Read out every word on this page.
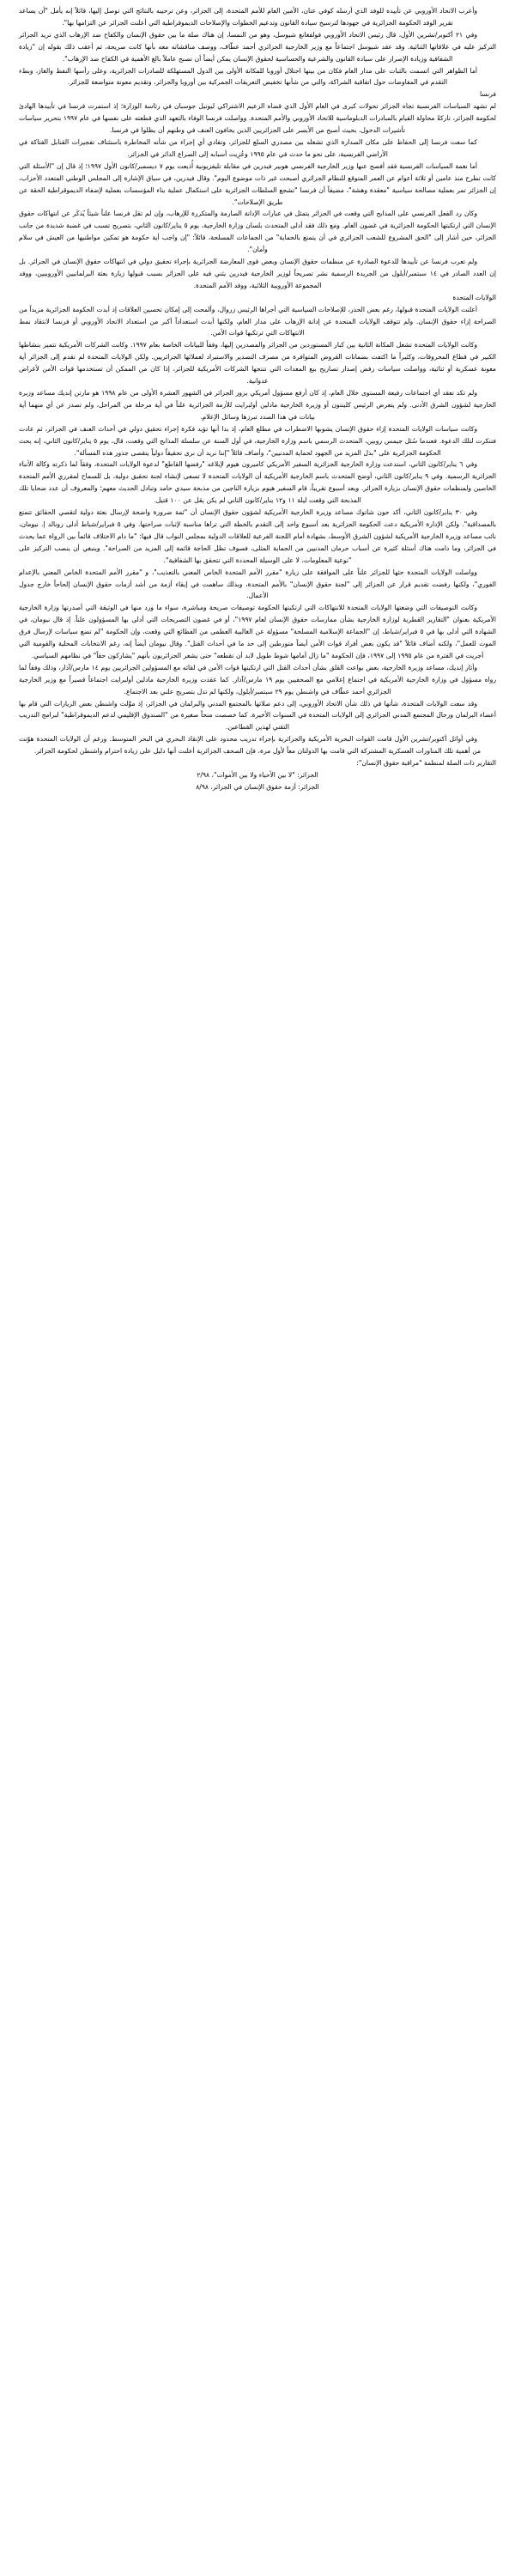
وأعرب الاتحاد الأوروبي عن تأييده للوفد الذي أرسله كوفي عنان، الأمين العام للأمم المتحدة، إلى الجزائر، وعن ترحيبه بالنتائج التي توصل إليها، قائلاً إنه يأمل "أن يساعد تقرير الوفد الحكومة الجزائرية في جهودها لترسيخ سيادة القانون وتدعيم الخطوات والإصلاحات الديموقراطية التي أعلنت الجزائر عن التزامها بها".

وفي ٢١ أكتوبر/تشرين الأول، قال رئيس الاتحاد الأوروبي فولفغانغ شيوسل، وهو من النمسا، إن هناك صلة ما بين حقوق الإنسان والكفاح ضد الإرهاب الذي تريد الجزائر التركيز عليه في علاقاتها الثنائية. وقد عقد شيوسل اجتماعاً مع وزير الخارجية الجزائري أحمد عطّاف، ووصف مناقشاته معه بأنها كانت صريحة، ثم أعقب ذلك بقوله إن "زيادة الشفافية وزيادة الإصرار على سيادة القانون والشرعية والحساسية لحقوق الإنسان يمكن أيضاً أن تصبح عاملاً بالغ الأهمية في الكفاح ضد الإرهاب".

أما الظواهر التي اتسمت بالثبات على مدار العام فكان من بينها احتلال أوروبا للمكانة الأولى بين الدول المستهلكة للصادرات الجزائرية، وعلى رأسها النفط والغاز، وبطء التقدم في المفاوضات حول اتفاقية الشراكة، والتي من شأنها تخفيض التعريفات الجمركية بين أوروبا والجزائر، وتقديم معونة متواضعة للجزائر.

فرنسا

لم تشهد السياسات الفرنسية تجاه الجزائر تحولات كبرى في العام الأول الذي قضاه الزعيم الاشتراكي ليونيل جوسبان في رئاسة الوزارة؛ إذ استمرت فرنسا في تأييدها الهادئ لحكومة الجزائر، تاركةً محاولة القيام بالمبادرات الدبلوماسية للاتحاد الأوروبي والأمم المتحدة. وواصلت فرنسا الوفاء بالتعهد الذي قطعته على نفسها في عام ١٩٩٧ بتحرير سياسات تأشيرات الدخول، بحيث أصبح من الأيسر على الجزائريين الذين يخافون العنف في وطنهم أن يظلوا في فرنسا.

كما سعت فرنسا إلى الحفاظ على مكان الصدارة الذي تشغله بين مصدري السلع للجزائر، وتفادي أي إجراء من شأنه المخاطرة باستئناف تفجيرات القنابل الفتاكة في الأراضي الفرنسية، على نحو ما حدث في عام ١٩٩٥ وعُزِيت أسبابه إلى الصراع الدائر في الجزائر.

أما نغمة السياسات الفرنسية فقد أفصح عنها وزير الخارجية الفرنسي هوبير فيدرين في مقابلة تليفزيونية أُذيعت يوم ٧ ديسمبر/كانون الأول ١٩٩٧؛ إذ قال إن "الأسئلة التي كانت تطرح منذ عامين أو ثلاثة أعوام عن العمر المتوقع للنظام الجزائري أصبحت غير ذات موضوع اليوم". وقال فيدرين، في سياق الإشارة إلى المجلس الوطني المتعدد الأحزاب، إن الجزائر تمر بعملية مصالحة سياسية "معقدة وهشة"، مضيفاً أن فرنسا "تشجع السلطات الجزائرية على استكمال عملية بناء المؤسسات بعملية لإضفاء الديموقراطية الحقة عن طريق الإصلاحات".

وكان رد الفعل الفرنسي على المذابح التي وقعت في الجزائر يتمثل في عبارات الإدانة الصارمة والمتكررة للإرهاب، وإن لم تقل فرنسا علناً شيئاً يُذكَر عن انتهاكات حقوق الإنسان التي ارتكبتها الحكومة الجزائرية في غضون العام. ومع ذلك فقد أدلى المتحدث بلسان وزارة الخارجية، يوم ٥ يناير/كانون الثاني، بتصريح تسبب في غضبة شديدة من جانب الجزائر، حين أشار إلى "الحق المشروع للشعب الجزائري في أن يتمتع بالحماية" من الجماعات المسلحة، قائلاً: "إن واجب أية حكومة هو تمكين مواطنيها من العيش في سلام وأمان".

ولم تعرب فرنسا عن تأييدها للدعوة الصادرة عن منظمات حقوق الإنسان وبعض قوى المعارضة الجزائرية بإجراء تحقيق دولي في انتهاكات حقوق الإنسان في الجزائر. بل إن العدد الصادر في ١٤ سبتمبر/أيلول من الجريدة الرسمية نشر تصريحاً لوزير الخارجية فيدرين يثني فيه على الجزائر بسبب قبولها زيارة بعثة البرلمانيين الأوروبيين، ووفد المجموعة الأوروبية الثلاثية، ووفد الأمم المتحدة.

الولايات المتحدة

أعلنت الولايات المتحدة قبولها، رغم بعض الحذر، للإصلاحات السياسية التي أجراها الرئيس زروال، وألمحت إلى إمكان تحسين العلاقات إذ أبدت الحكومة الجزائرية مزيداً من الصراحة إزاء حقوق الإنسان. ولم تتوقف الولايات المتحدة عن إدانة الإرهاب على مدار العام، ولكنها أبدت استعداداً أكبر من استعداد الاتحاد الأوروبي أو فرنسا لانتقاد نمط الانتهاكات التي ترتكبها قوات الأمن.

وكانت الولايات المتحدة تشغل المكانة الثانية بين كبار المستوردين من الجزائر والمصدرين إليها، وفقاً للبيانات الخاصة بعام ١٩٩٧. وكانت الشركات الأمريكية تتميز بنشاطها الكبير في قطاع المحروقات، وكثيراً ما اكتفت بضمانات القروض المتوافرة من مصرف التصدير والاستيراد لعملائها الجزائريين. ولكن الولايات المتحدة لم تقدم إلى الجزائر أية معونة عسكرية أو ثنائية، وواصلت سياسات رفض إصدار تصاريح بيع المعدات التي تنتجها الشركات الأمريكية للجزائر، إذا كان من الممكن أن تستخدمها قوات الأمن لأغراض عدوانية.

ولم تكد تعقد أي اجتماعات رفيعة المستوى خلال العام، إذ كان أرفع مسؤول أمريكي يزور الجزائر في الشهور العشرة الأولى من عام ١٩٩٨ هو مارتن إنديك مساعد وزيرة الخارجية لشؤون الشرق الأدنى. ولم يتعرض الرئيس كلينتون أو وزيرة الخارجية مادلين أولبرايت للأزمة الجزائرية علناً في أية مرحلة من المراحل، ولم تصدر عن أي منهما أية بيانات في هذا الصدد تبرزها وسائل الإعلام.

وكانت سياسات الولايات المتحدة إزاء حقوق الإنسان يشوبها الاضطراب في مطلع العام، إذ بدا أنها تؤيد فكرة إجراء تحقيق دولي في أحداث العنف في الجزائر، ثم عادت فتنكرت لتلك الدعوة. فعندما سُئل جيمس روبين، المتحدث الرسمي باسم وزارة الخارجية، في أول السنة عن سلسلة المذابح التي وقعت، قال، يوم ٥ يناير/كانون الثاني، إنه يحث الحكومة الجزائرية على "بذل المزيد من الجهود لحماية المدنيين"، وأضاف قائلاً "إننا نريد أن نرى تحقيقاً دولياً يتقصى جذور هذه المسألة".

وفي ٦ يناير/كانون الثاني، استدعت وزارة الخارجية الجزائرية السفير الأمريكي كاميرون هيوم لإبلاغه "رفضها القاطع" لدعوة الولايات المتحدة، وفقاً لما ذكرته وكالة الأنباء الجزائرية الرسمية. وفي ٩ يناير/كانون الثاني، أوضح المتحدث باسم الخارجية الأمريكية أن الولايات المتحدة لا تسعى لإنشاء لجنة تحقيق دولية، بل للسماح لمقرري الأمم المتحدة الخاصين ولمنظمات حقوق الإنسان بزيارة الجزائر. وبعد أسبوع تقريباً، قام السفير هيوم بزيارة الناجين من مذبحة سيدي حامد وتبادل الحديث معهم؛ والمعروف أن عدد ضحايا تلك المذبحة التي وقعت ليلة ١١ و١٢ يناير/كانون الثاني لم يكن يقل عن ١٠٠ قتيل.

وفي ٣٠ يناير/كانون الثاني، أكد جون شاتوك مساعد وزيرة الخارجية الأمريكية لشؤون حقوق الإنسان أن "ثمة ضرورة واضحة لإرسال بعثة دولية لتقصي الحقائق تتمتع بالمصداقية". ولكن الإدارة الأمريكية دعت الحكومة الجزائرية بعد أسبوع واحد إلى التقدم بالخطة التي تراها مناسبة لإثبات صراحتها. وفي ٥ فبراير/شباط أدلى رونالد إ. نيومان، نائب مساعد وزيرة الخارجية الأمريكية لشؤون الشرق الأوسط، بشهادة أمام اللجنة الفرعية للعلاقات الدولية بمجلس النواب قال فيها: "ما دام الاختلاف قائماً بين الرواة عما يحدث في الجزائر، وما دامت هناك أسئلة كثيرة عن أسباب حرمان المدنيين من الحماية المثلى، فسوف تظل الحاجة قائمة إلى المزيد من الصراحة". وينبغي أن ينصب التركيز على "نوعية المعلومات، لا على الوسيلة المحددة التي تتحقق بها الشفافية".

وواصلت الولايات المتحدة حثها للجزائر علناً على الموافقة على زيارة "مقرر الأمم المتحدة الخاص المعني بالتعذيب"، و "مقرر الأمم المتحدة الخاص المعني بالإعدام الفوري"، ولكنها رفضت تقديم قرار عن الجزائر إلى "لجنة حقوق الإنسان" بالأمم المتحدة، وبذلك ساهمت في إبقاء أزمة من أشد أزمات حقوق الإنسان إلحاحاً خارج جدول الأعمال.

وكانت التوصيفات التي وضعتها الولايات المتحدة للانتهاكات التي ارتكبتها الحكومة توصيفات صريحة ومباشرة، سواء ما ورد منها في الوثيقة التي أصدرتها وزارة الخارجية الأمريكية بعنوان "التقارير القطرية لوزارة الخارجية بشأن ممارسات حقوق الإنسان لعام ١٩٩٧"، أو في غضون التصريحات التي أدلى بها المسؤولون علناً. إذ قال نيومان، في الشهادة التي أدلى بها في ٥ فبراير/شباط، إن "الجماعة الإسلامية المسلحة" مسؤولة عن الغالبية العظمى من الفظائع التي وقعت، وإن الحكومة "لم تضع سياسات لإرسال فرق الموت للعمل"، ولكنه أضاف قائلاً "قد يكون بعض أفراد قوات الأمن أيضاً متورطين إلى حد ما في أحداث القتل". وقال نيومان أيضاً إنه، رغم الانتخابات المحلية والقومية التي أجريت في الفترة من عام ١٩٩٥ إلى ١٩٩٧، فإن الحكومة "ما زال أمامها شوط طويل لابد أن تقطعه" حتى يشعر الجزائريون بأنهم "يشاركون حقاً" في نظامهم السياسي.

وأثار إنديك، مساعد وزيرة الخارجية، بعض بواعث القلق بشأن أحداث القتل التي ارتكبتها قوات الأمن في لقائه مع المسؤولين الجزائريين يوم ١٤ مارس/آذار، وذلك وفقاً لما رواه مسؤول في وزارة الخارجية الأمريكية في اجتماع إعلامي مع الصحفيين يوم ١٩ مارس/آذار. كما عقدت وزيرة الخارجية مادلين أولبرايت اجتماعاً قصيراً مع وزير الخارجية الجزائري أحمد عطّاف في واشنطن يوم ٢٩ سبتمبر/أيلول، ولكنها لم تدل بتصريح علني بعد الاجتماع.

وقد سعت الولايات المتحدة، شأنها في ذلك شأن الاتحاد الأوروبي، إلى دعم صلاتها بالمجتمع المدني والبرلمان في الجزائر، إذ موَّلت واشنطن بعض الزيارات التي قام بها أعضاء البرلمان ورجال المجتمع المدني الجزائري إلى الولايات المتحدة في السنوات الأخيرة. كما خصصت منحاً صغيرة من "الصندوق الإقليمي لدعم الديموقراطية" لبرامج التدريب التقني لهذين القطاعين.

وفي أوائل أكتوبر/تشرين الأول قامت القوات البحرية الأمريكية والجزائرية بإجراء تدريب محدود على الإنقاذ البحري في البحر المتوسط. ورغم أن الولايات المتحدة هوّنت من أهمية تلك المناورات العسكرية المشتركة التي قامت بها الدولتان معاً لأول مرة، فإن الصحف الجزائرية أعلنت أنها دليل على زيادة احترام واشنطن لحكومة الجزائر.

التقارير ذات الصلة لمنظمة "مراقبة حقوق الإنسان":

الجزائر: "لا بين الأحياء ولا بين الأموات"، ٢/٩٨

الجزائر: أزمة حقوق الإنسان في الجزائر، ٨/٩٨
